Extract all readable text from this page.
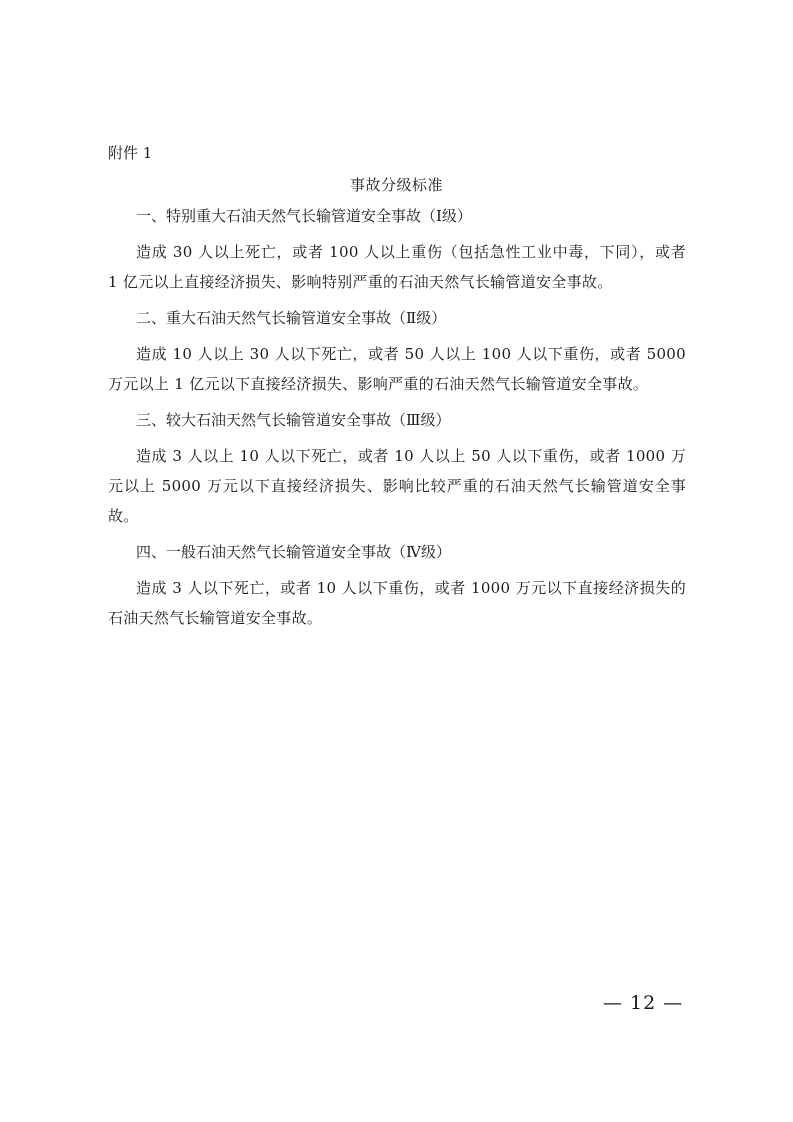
附件 1
事故分级标准

一、特别重大石油天然气长输管道安全事故（Ⅰ级）

造成 30 人以上死亡，或者 100 人以上重伤（包括急性工业中毒，下同），或者 1 亿元以上直接经济损失、影响特别严重的石油天然气长输管道安全事故。

二、重大石油天然气长输管道安全事故（Ⅱ级）

造成 10 人以上 30 人以下死亡，或者 50 人以上 100 人以下重伤，或者 5000 万元以上 1 亿元以下直接经济损失、影响严重的石油天然气长输管道安全事故。

三、较大石油天然气长输管道安全事故（Ⅲ级）

造成 3 人以上 10 人以下死亡，或者 10 人以上 50 人以下重伤，或者 1000 万元以上 5000 万元以下直接经济损失、影响比较严重的石油天然气长输管道安全事故。

四、一般石油天然气长输管道安全事故（Ⅳ级）

造成 3 人以下死亡，或者 10 人以下重伤，或者 1000 万元以下直接经济损失的石油天然气长输管道安全事故。

— 12 —
